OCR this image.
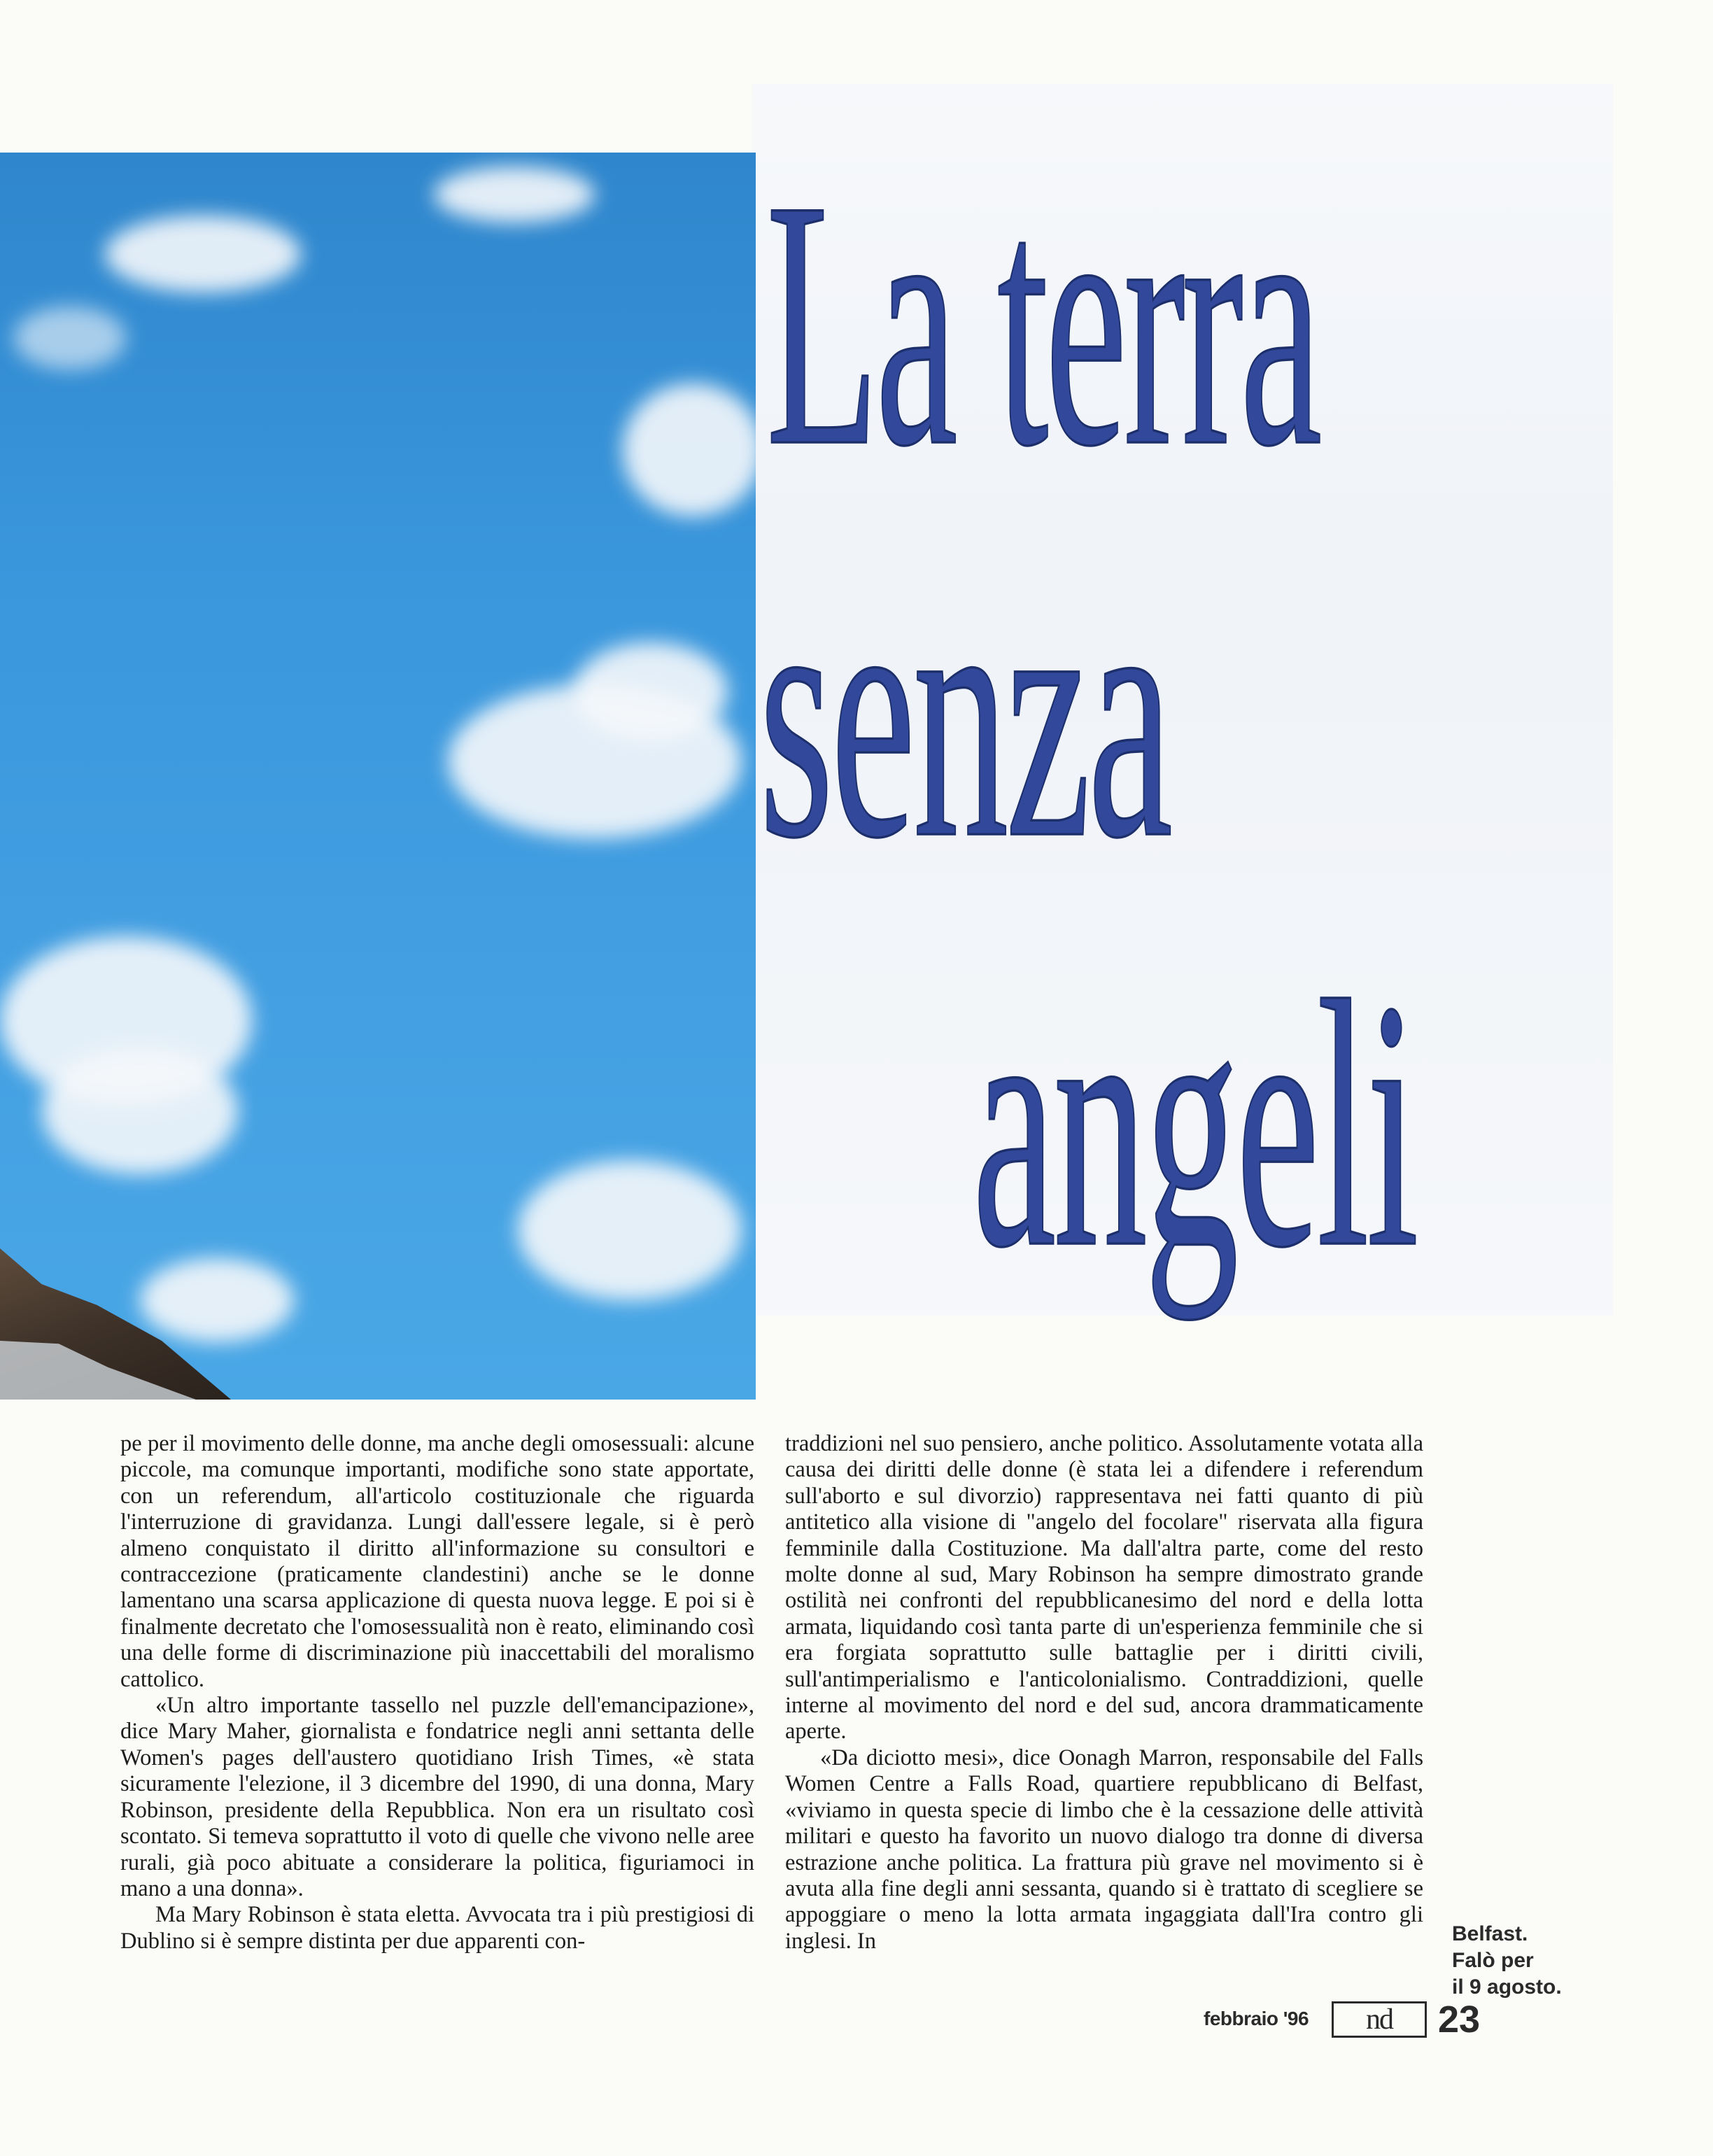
La terra
senza
angeli

pe per il movimento delle donne, ma anche degli omosessuali: alcune piccole, ma comunque importanti, modifiche sono state apportate, con un referendum, all'articolo costituzionale che riguarda l'interruzione di gravidanza. Lungi dall'essere legale, si è però almeno conquistato il diritto all'informazione su consultori e contraccezione (praticamente clandestini) anche se le donne lamentano una scarsa applicazione di questa nuova legge. E poi si è finalmente decretato che l'omosessualità non è reato, eliminando così una delle forme di discriminazione più inaccettabili del moralismo cattolico.

«Un altro importante tassello nel puzzle dell'emancipazione», dice Mary Maher, giornalista e fondatrice negli anni settanta delle Women's pages dell'austero quotidiano Irish Times, «è stata sicuramente l'elezione, il 3 dicembre del 1990, di una donna, Mary Robinson, presidente della Repubblica. Non era un risultato così scontato. Si temeva soprattutto il voto di quelle che vivono nelle aree rurali, già poco abituate a considerare la politica, figuriamoci in mano a una donna».

Ma Mary Robinson è stata eletta. Avvocata tra i più prestigiosi di Dublino si è sempre distinta per due apparenti con-

traddizioni nel suo pensiero, anche politico. Assolutamente votata alla causa dei diritti delle donne (è stata lei a difendere i referendum sull'aborto e sul divorzio) rappresentava nei fatti quanto di più antitetico alla visione di "angelo del focolare" riservata alla figura femminile dalla Costituzione. Ma dall'altra parte, come del resto molte donne al sud, Mary Robinson ha sempre dimostrato grande ostilità nei confronti del repubblicanesimo del nord e della lotta armata, liquidando così tanta parte di un'esperienza femminile che si era forgiata soprattutto sulle battaglie per i diritti civili, sull'antimperialismo e l'anticolonialismo. Contraddizioni, quelle interne al movimento del nord e del sud, ancora drammaticamente aperte.

«Da diciotto mesi», dice Oonagh Marron, responsabile del Falls Women Centre a Falls Road, quartiere repubblicano di Belfast, «viviamo in questa specie di limbo che è la cessazione delle attività militari e questo ha favorito un nuovo dialogo tra donne di diversa estrazione anche politica. La frattura più grave nel movimento si è avuta alla fine degli anni sessanta, quando si è trattato di scegliere se appoggiare o meno la lotta armata ingaggiata dall'Ira contro gli inglesi. In	Belfast.
Falò per
il 9 agosto.
febbraio '96	nd	23
